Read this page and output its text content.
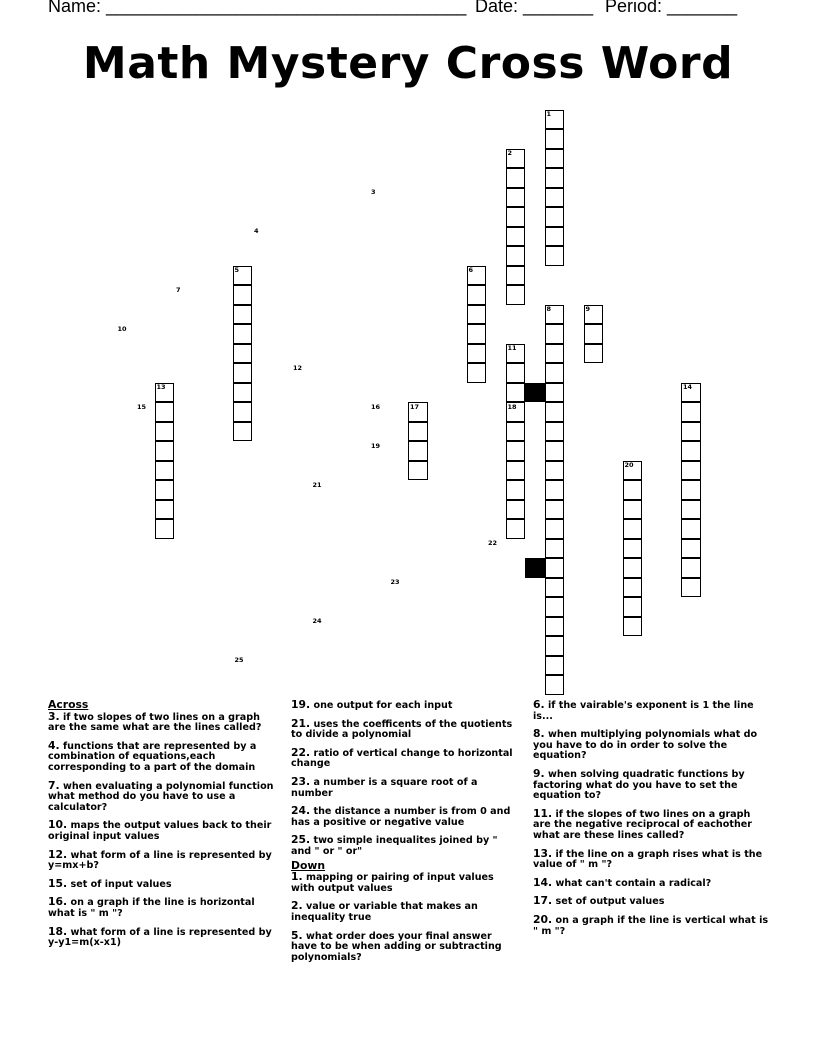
Name: ____________________________________ Date: _______ Period: _______
Math Mystery Cross Word
1
2
3
4
5	6
7
8	9
10
11
12
13	14
15	16	17	18
19
20
21
22
23
24
25
Across
3. if two slopes of two lines on a graph are the same what are the lines called?
4. functions that are represented by a combination of equations,each corresponding to a part of the domain
7. when evaluating a polynomial function what method do you have to use a calculator?
10. maps the output values back to their original input values
12. what form of a line is represented by y=mx+b?
15. set of input values
16. on a graph if the line is horizontal what is " m "?
18. what form of a line is represented by y-y1=m(x-x1)
19. one output for each input
21. uses the coefficents of the quotients to divide a polynomial
22. ratio of vertical change to horizontal change
23. a number is a square root of a number
24. the distance a number is from 0 and has a positive or negative value
25. two simple inequalites joined by " and " or " or"
Down
1. mapping or pairing of input values with output values
2. value or variable that makes an inequality true
5. what order does your final answer have to be when adding or subtracting polynomials?
6. if the vairable's exponent is 1 the line is...
8. when multiplying polynomials what do you have to do in order to solve the equation?
9. when solving quadratic functions by factoring what do you have to set the equation to?
11. if the slopes of two lines on a graph are the negative reciprocal of eachother what are these lines called?
13. if the line on a graph rises what is the value of " m "?
14. what can't contain a radical?
17. set of output values
20. on a graph if the line is vertical what is " m "?
